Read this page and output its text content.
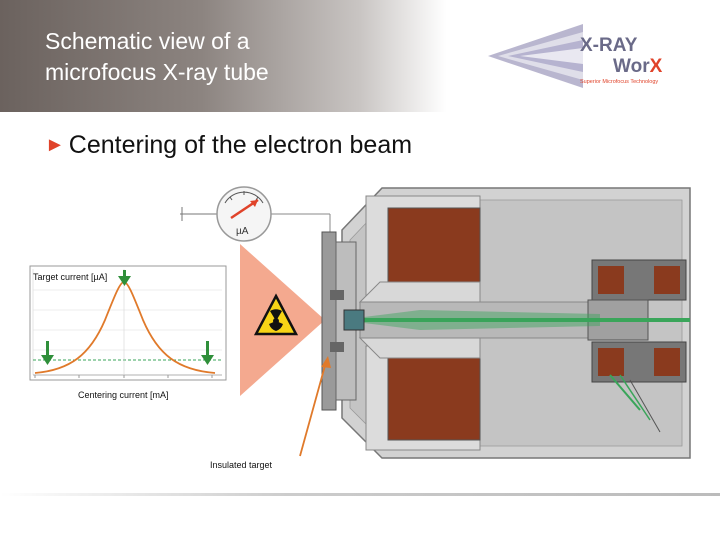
Schematic view of a
microfocus X-ray tube
X-RAY
WorX
Superior Microfocus Technology
► Centering of the electron beam
µA
Target current [µA]
Centering current [mA]
Insulated target
